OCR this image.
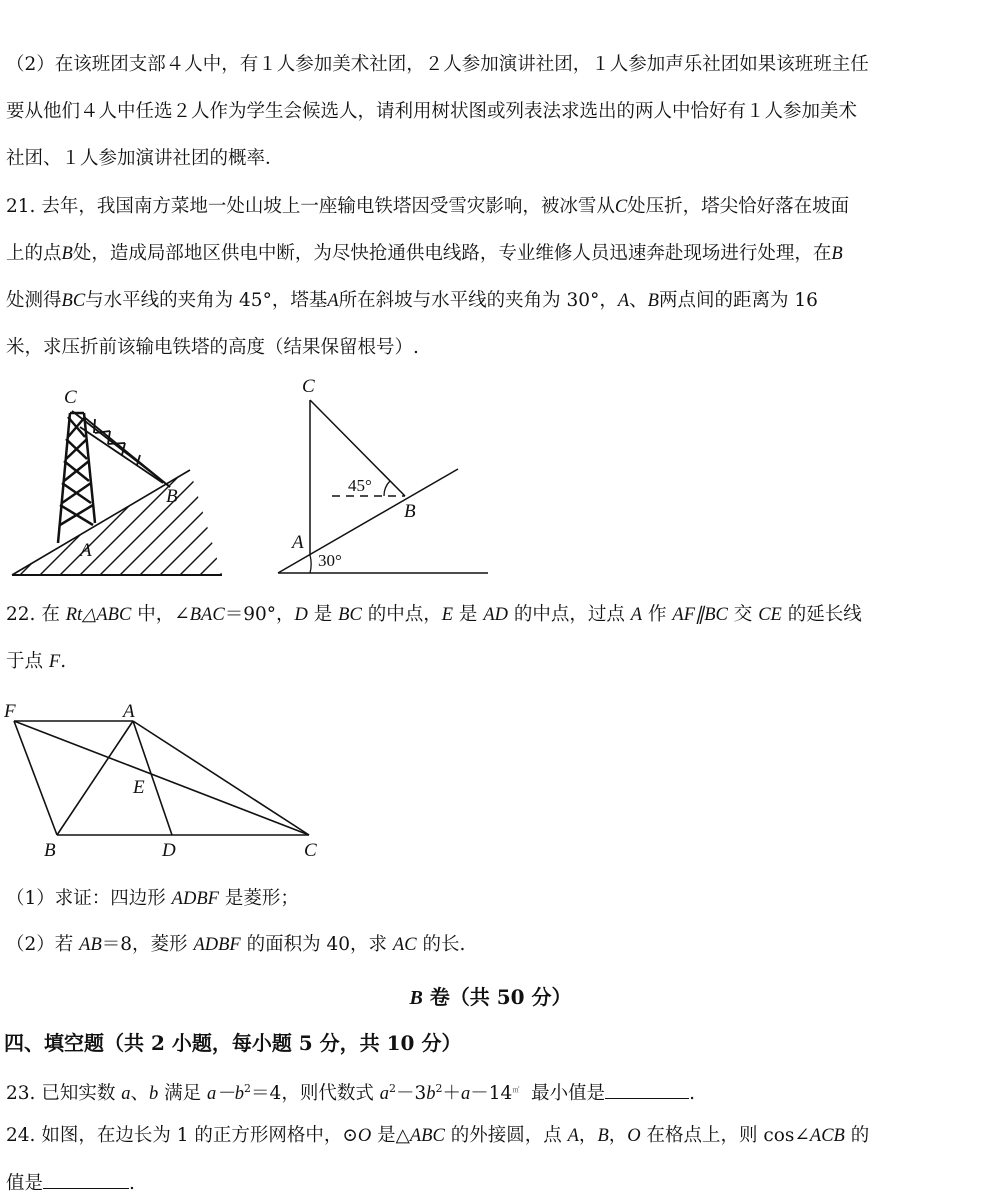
（2）在该班团支部４人中，有１人参加美术社团，２人参加演讲社团，１人参加声乐社团如果该班班主任
要从他们４人中任选２人作为学生会候选人，请利用树状图或列表法求选出的两人中恰好有１人参加美术
社团、１人参加演讲社团的概率．
21. 去年，我国南方菜地一处山坡上一座输电铁塔因受雪灾影响，被冰雪从C处压折，塔尖恰好落在坡面
上的点B处，造成局部地区供电中断，为尽快抢通供电线路，专业维修人员迅速奔赴现场进行处理，在B
处测得BC与水平线的夹角为 45°，塔基A所在斜坡与水平线的夹角为 30°，A、B两点间的距离为 16
米，求压折前该输电铁塔的高度（结果保留根号）.
C
B
A
C
B
A
45°
30°
22. 在 Rt△ABC 中，∠BAC＝90°，D 是 BC 的中点，E 是 AD 的中点，过点 A 作 AF∥BC 交 CE 的延长线
于点 F.
F	A
E
B	D	C
（1）求证：四边形 ADBF 是菱形；
（2）若 AB＝8，菱形 ADBF 的面积为 40，求 AC 的长.
B 卷（共 50 分）
四、填空题（共 2 小题，每小题 5 分，共 10 分）
23. 已知实数 a、b 满足 $a-b^2=4$，则代数式 $a^2-3b^2+a-14^㎡$ 最小值是	.
24. 如图，在边长为 1 的正方形网格中，⊙O 是△ABC 的外接圆，点 A，B，O 在格点上，则 cos∠ACB 的
值是	.
